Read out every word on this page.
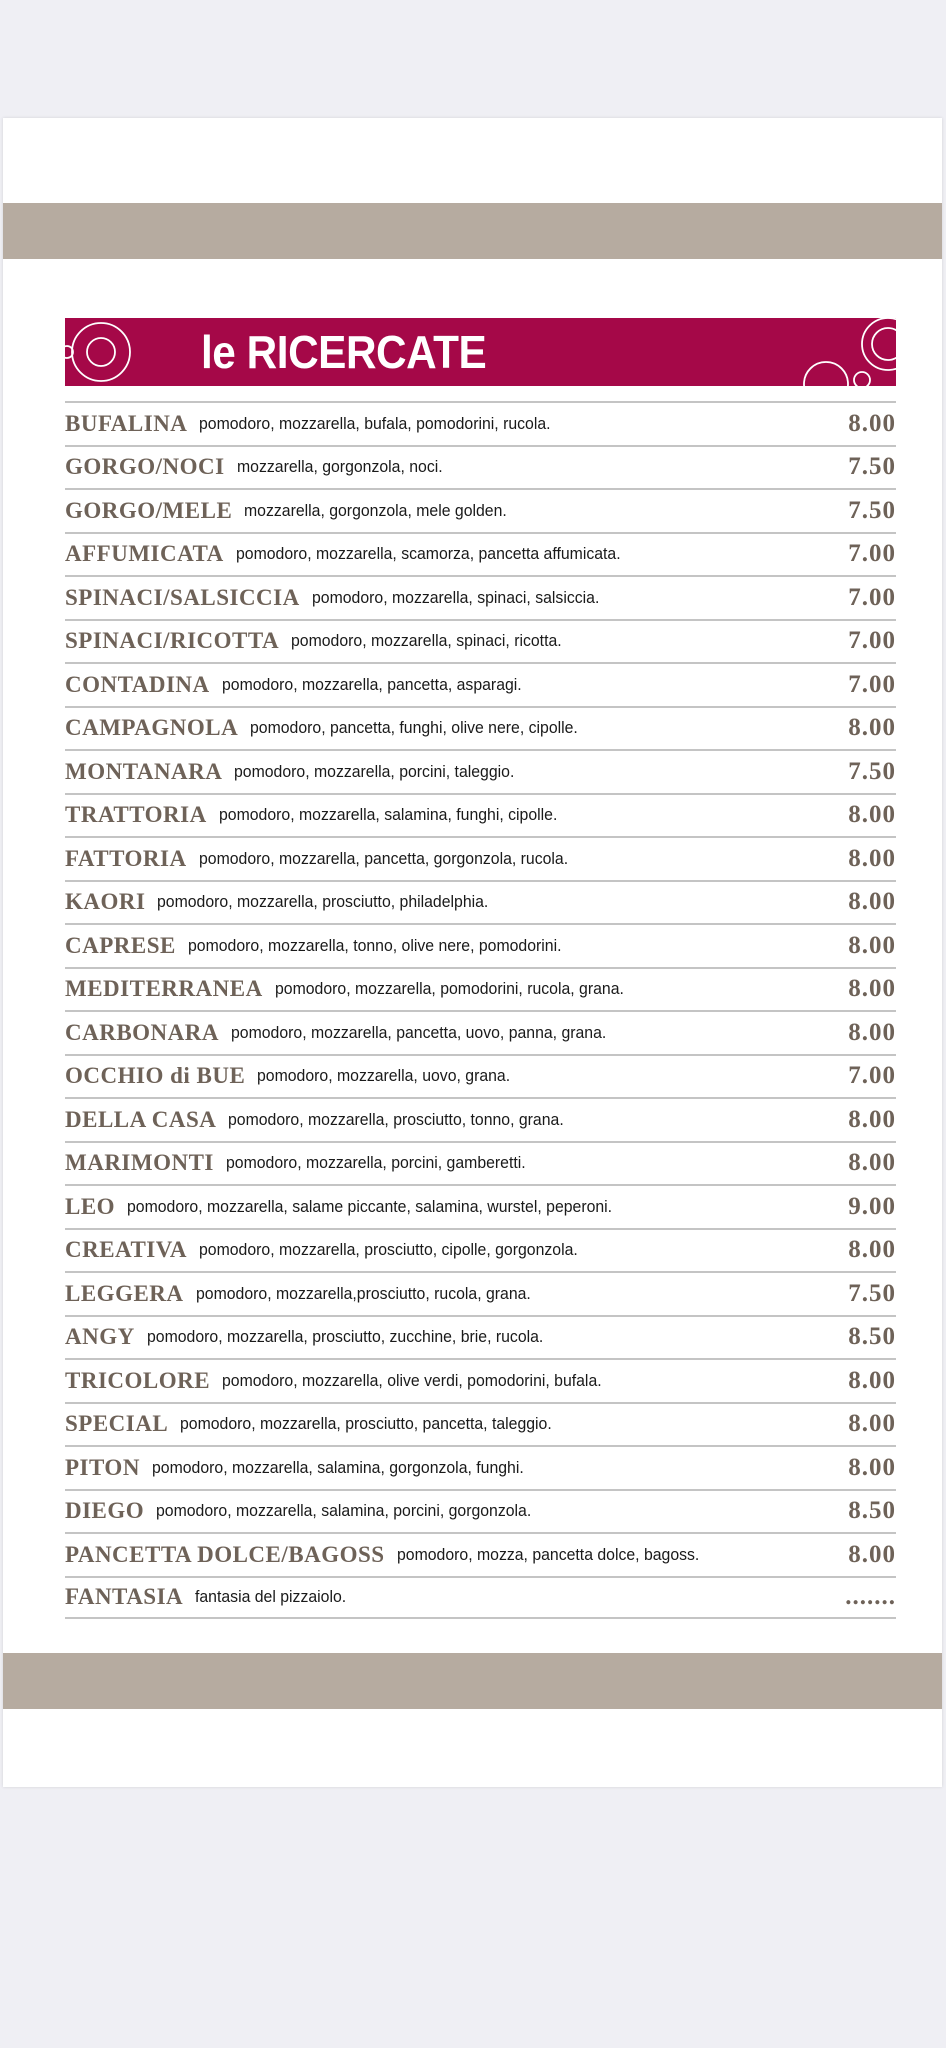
le RICERCATE
BUFALINA pomodoro, mozzarella, bufala, pomodorini, rucola.	8.00
GORGO/NOCI mozzarella, gorgonzola, noci.	7.50
GORGO/MELE mozzarella, gorgonzola, mele golden.	7.50
AFFUMICATA pomodoro, mozzarella, scamorza, pancetta affumicata.	7.00
SPINACI/SALSICCIA pomodoro, mozzarella, spinaci, salsiccia.	7.00
SPINACI/RICOTTA pomodoro, mozzarella, spinaci, ricotta.	7.00
CONTADINA pomodoro, mozzarella, pancetta, asparagi.	7.00
CAMPAGNOLA pomodoro, pancetta, funghi, olive nere, cipolle.	8.00
MONTANARA pomodoro, mozzarella, porcini, taleggio.	7.50
TRATTORIA pomodoro, mozzarella, salamina, funghi, cipolle.	8.00
FATTORIA pomodoro, mozzarella, pancetta, gorgonzola, rucola.	8.00
KAORI pomodoro, mozzarella, prosciutto, philadelphia.	8.00
CAPRESE pomodoro, mozzarella, tonno, olive nere, pomodorini.	8.00
MEDITERRANEA pomodoro, mozzarella, pomodorini, rucola, grana.	8.00
CARBONARA pomodoro, mozzarella, pancetta, uovo, panna, grana.	8.00
OCCHIO di BUE pomodoro, mozzarella, uovo, grana.	7.00
DELLA CASA pomodoro, mozzarella, prosciutto, tonno, grana.	8.00
MARIMONTI pomodoro, mozzarella, porcini, gamberetti.	8.00
LEO pomodoro, mozzarella, salame piccante, salamina, wurstel, peperoni.	9.00
CREATIVA pomodoro, mozzarella, prosciutto, cipolle, gorgonzola.	8.00
LEGGERA pomodoro, mozzarella,prosciutto, rucola, grana.	7.50
ANGY pomodoro, mozzarella, prosciutto, zucchine, brie, rucola.	8.50
TRICOLORE pomodoro, mozzarella, olive verdi, pomodorini, bufala.	8.00
SPECIAL pomodoro, mozzarella, prosciutto, pancetta, taleggio.	8.00
PITON pomodoro, mozzarella, salamina, gorgonzola, funghi.	8.00
DIEGO pomodoro, mozzarella, salamina, porcini, gorgonzola.	8.50
PANCETTA DOLCE/BAGOSS pomodoro, mozza, pancetta dolce, bagoss.	8.00
FANTASIA fantasia del pizzaiolo.	.......
